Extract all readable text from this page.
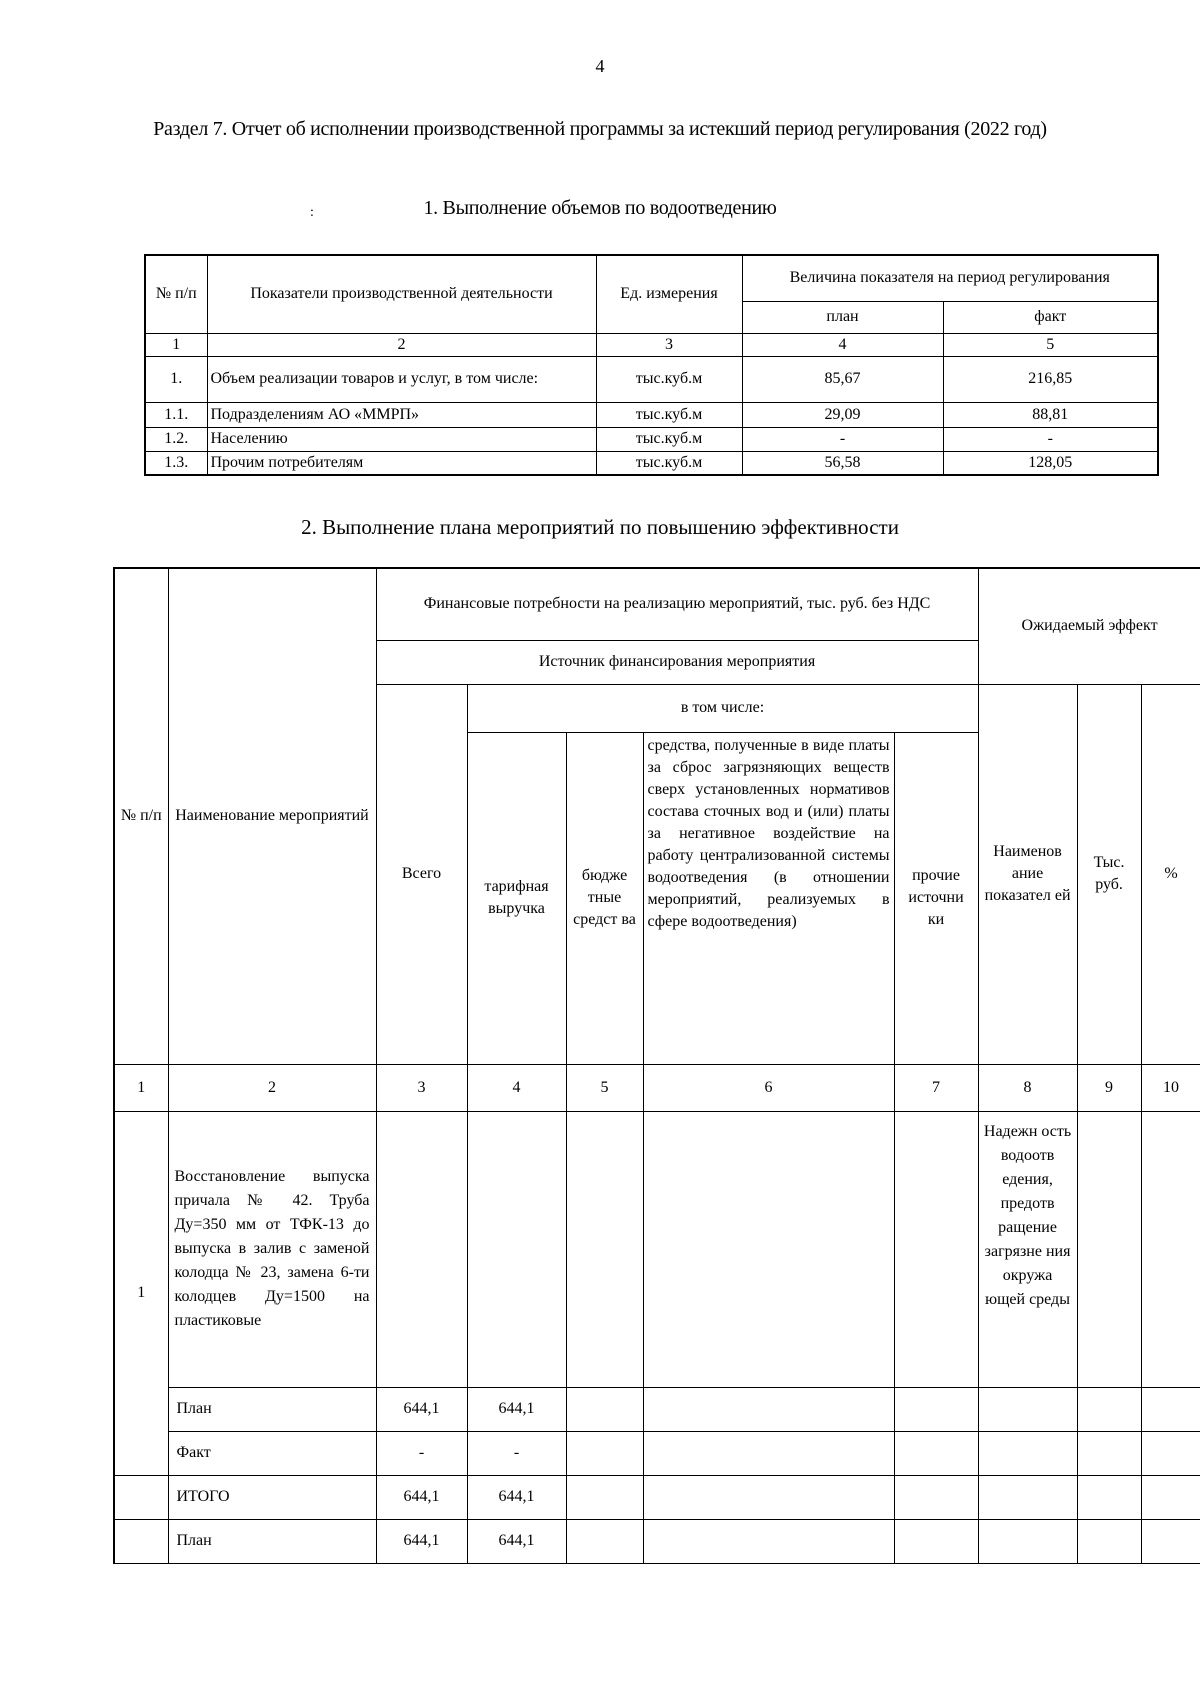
4
Раздел 7. Отчет об исполнении производственной программы за истекший период регулирования (2022 год)
:	1. Выполнение объемов по водоотведению
№ п/п	Показатели производственной деятельности	Ед. измерения	Величина показателя на период регулирования	
			план	факт
1	2	3	4	5
1.	Объем реализации товаров и услуг, в том числе:	тыс.куб.м	85,67	216,85
1.1.	Подразделениям АО «ММРП»	тыс.куб.м	29,09	88,81
1.2.	Населению	тыс.куб.м	-	-
1.3.	Прочим потребителям	тыс.куб.м	56,58	128,05
2. Выполнение плана мероприятий по повышению эффективности
№ п/п	Наименование мероприятий	Финансовые потребности на реализацию мероприятий, тыс. руб. без НДС					Ожидаемый эффект		
		Источник финансирования мероприятия							
		Всего	в том числе:				Наименов ание показател ей	Тыс. руб.	%
			тарифная выручка	бюдже тные средст ва	средства, полученные в виде платы за сброс загрязняющих веществ сверх установленных нормативов состава сточных вод и (или) платы за негативное воздействие на работу централизованной системы водоотведения (в отношении мероприятий, реализуемых в сфере водоотведения)	прочие источни ки			
1	2	3	4	5	6	7	8	9	10
1	Восстановление выпуска причала № 42. Труба Ду=350 мм от ТФК-13 до выпуска в залив с заменой колодца № 23, замена 6-ти колодцев Ду=1500 на пластиковые						Надежн ость водоотв едения, предотв ращение загрязне ния окружа ющей среды		
	План	644,1	644,1						
	Факт	-	-						
	ИТОГО	644,1	644,1						
	План	644,1	644,1						
